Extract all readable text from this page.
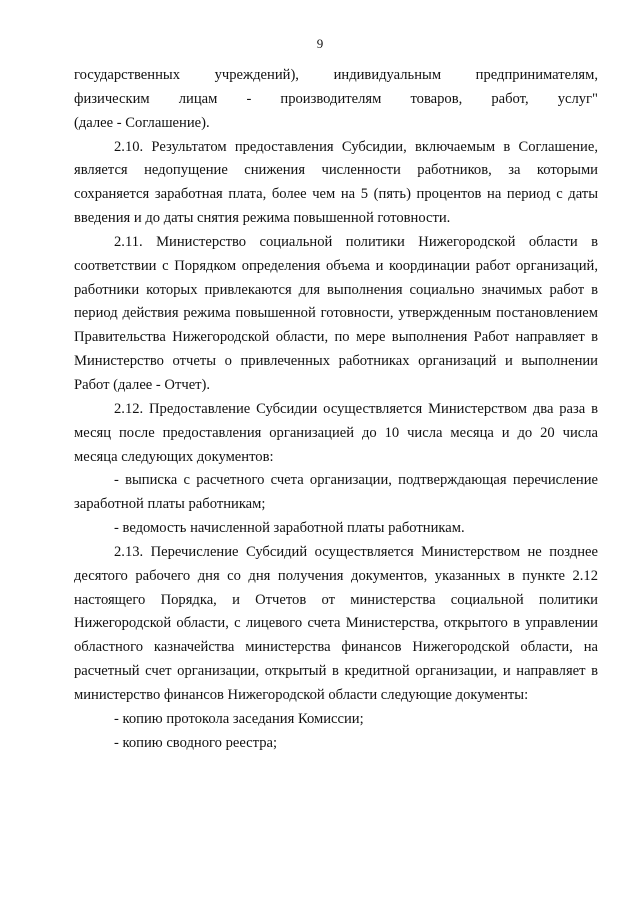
9

государственных учреждений), индивидуальным предпринимателям,

физическим лицам - производителям товаров, работ, услуг"

(далее - Соглашение).

2.10. Результатом предоставления Субсидии, включаемым в Соглашение, является недопущение снижения численности работников, за которыми сохраняется заработная плата, более чем на 5 (пять) процентов на период с даты введения и до даты снятия режима повышенной готовности.

2.11. Министерство социальной политики Нижегородской области в соответствии с Порядком определения объема и координации работ организаций, работники которых привлекаются для выполнения социально значимых работ в период действия режима повышенной готовности, утвержденным постановлением Правительства Нижегородской области, по мере выполнения Работ направляет в Министерство отчеты о привлеченных работниках организаций и выполнении Работ (далее - Отчет).

2.12. Предоставление Субсидии осуществляется Министерством два раза в месяц после предоставления организацией до 10 числа месяца и до 20 числа месяца следующих документов:

- выписка с расчетного счета организации, подтверждающая перечисление заработной платы работникам;

- ведомость начисленной заработной платы работникам.

2.13. Перечисление Субсидий осуществляется Министерством не позднее десятого рабочего дня со дня получения документов, указанных в пункте 2.12 настоящего Порядка, и Отчетов от министерства социальной политики Нижегородской области, с лицевого счета Министерства, открытого в управлении областного казначейства министерства финансов Нижегородской области, на расчетный счет организации, открытый в кредитной организации, и направляет в министерство финансов Нижегородской области следующие документы:

- копию протокола заседания Комиссии;

- копию сводного реестра;
